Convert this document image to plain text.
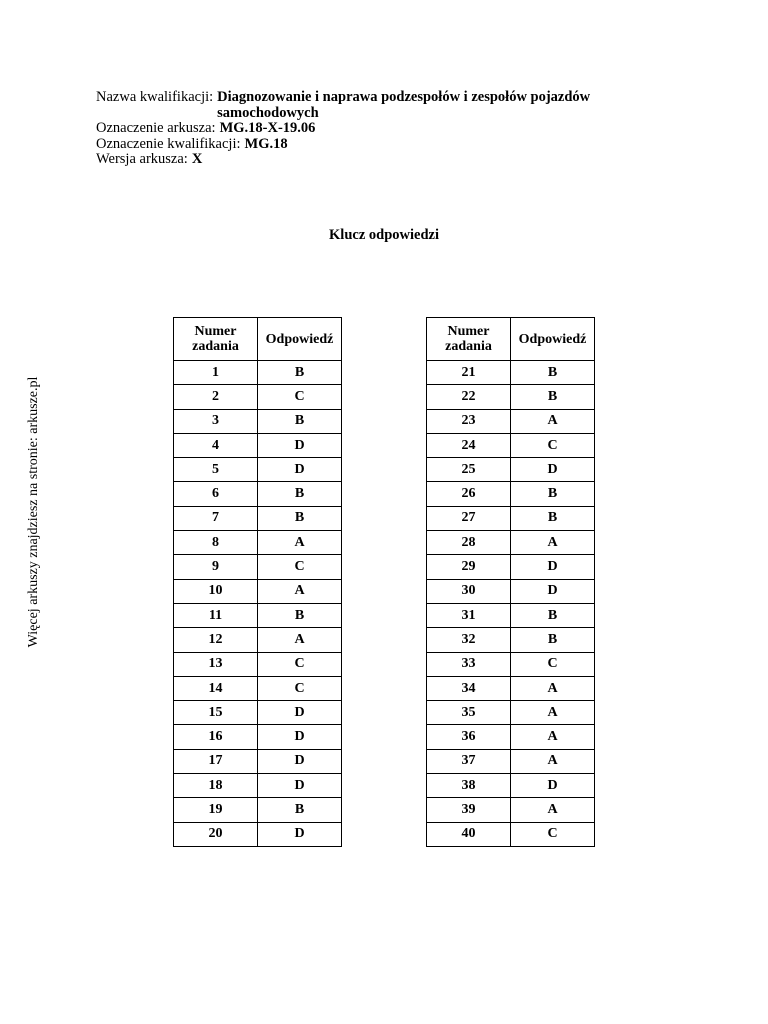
Nazwa kwalifikacji: Diagnozowanie i naprawa podzespołów i zespołów pojazdów samochodowych
Oznaczenie arkusza: MG.18-X-19.06
Oznaczenie kwalifikacji: MG.18
Wersja arkusza: X
Klucz odpowiedzi
Więcej arkuszy znajdziesz na stronie: arkusze.pl
Numer
zadania	Odpowiedź
1	B
2	C
3	B
4	D
5	D
6	B
7	B
8	A
9	C
10	A
11	B
12	A
13	C
14	C
15	D
16	D
17	D
18	D
19	B
20	D
Numer
zadania	Odpowiedź
21	B
22	B
23	A
24	C
25	D
26	B
27	B
28	A
29	D
30	D
31	B
32	B
33	C
34	A
35	A
36	A
37	A
38	D
39	A
40	C
